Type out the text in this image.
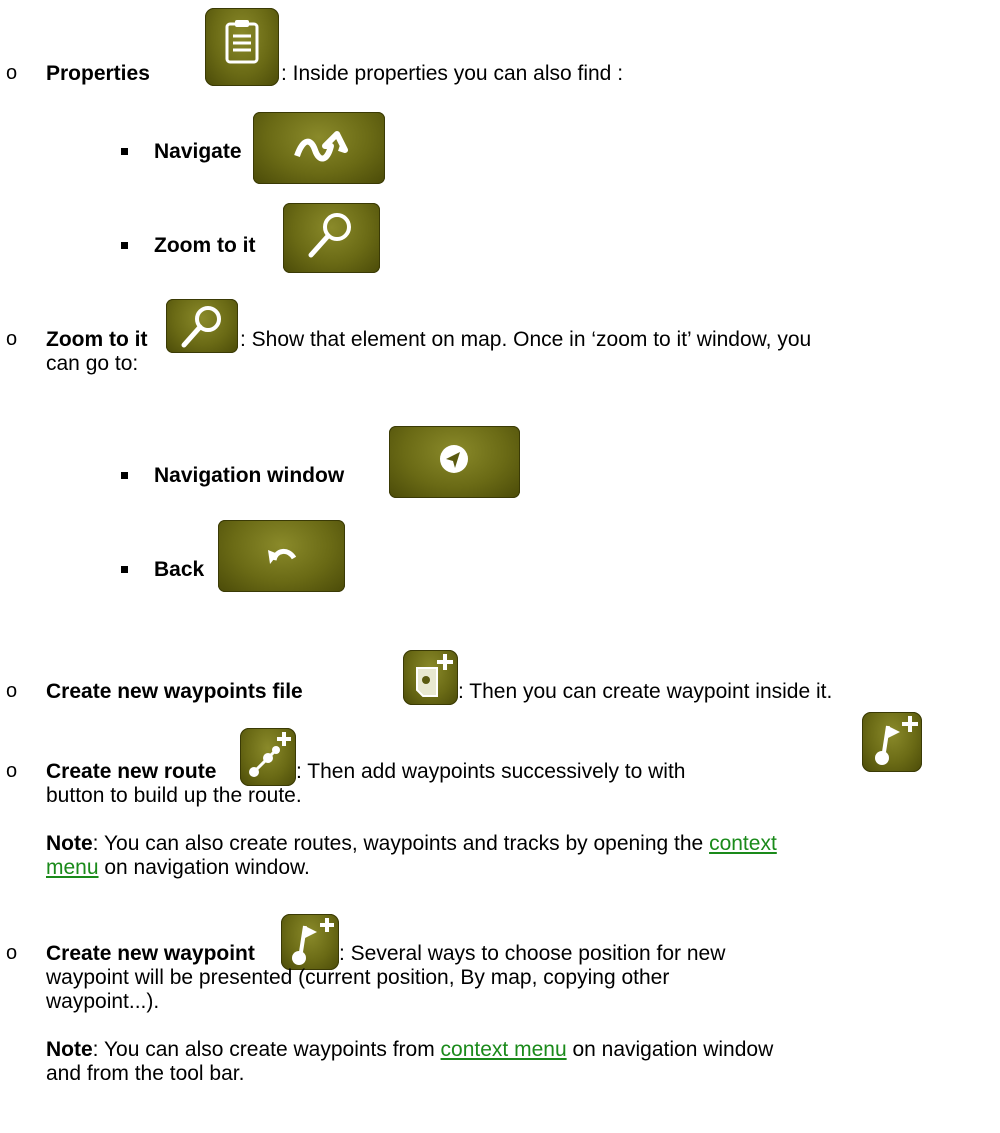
o Properties	: Inside properties you can also find :
Navigate
Zoom to it
o Zoom to it	: Show that element on map. Once in ‘zoom to it’ window, you
can go to:
Navigation window
Back
o Create new waypoints file	: Then you can create waypoint inside it.
o Create new route	: Then add waypoints successively to with
button to build up the route.
Note: You can also create routes, waypoints and tracks by opening the context
menu on navigation window.
o Create new waypoint	: Several ways to choose position for new
waypoint will be presented (current position, By map, copying other
waypoint...).
Note: You can also create waypoints from context menu on navigation window
and from the tool bar.
